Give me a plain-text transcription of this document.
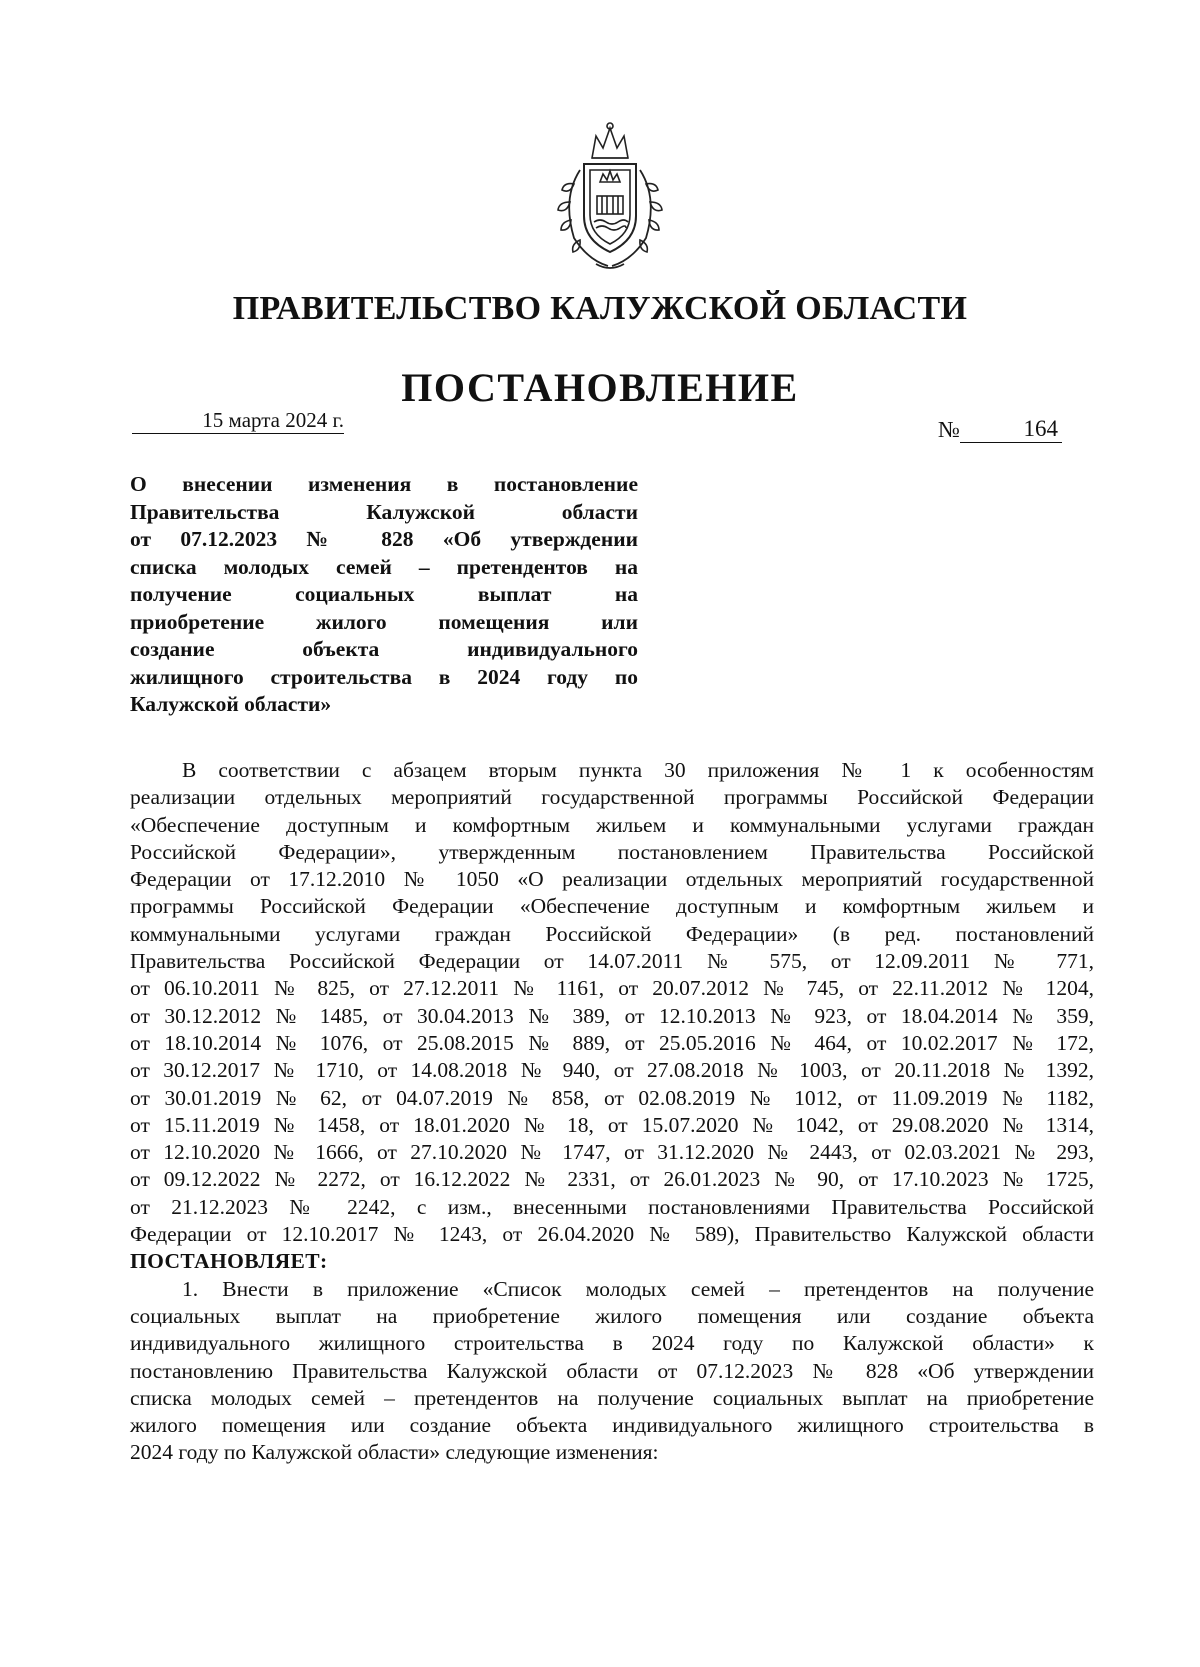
ПРАВИТЕЛЬСТВО КАЛУЖСКОЙ ОБЛАСТИ
ПОСТАНОВЛЕНИЕ
15 марта 2024 г.	№	164
О внесении изменения в постановление
Правительства Калужской области
от 07.12.2023 № 828 «Об утверждении
списка молодых семей – претендентов на
получение социальных выплат на
приобретение жилого помещения или
создание объекта индивидуального
жилищного строительства в 2024 году по
Калужской области»
В соответствии с абзацем вторым пункта 30 приложения № 1 к особенностям
реализации отдельных мероприятий государственной программы Российской Федерации
«Обеспечение доступным и комфортным жильем и коммунальными услугами граждан
Российской Федерации», утвержденным постановлением Правительства Российской
Федерации от 17.12.2010 № 1050 «О реализации отдельных мероприятий государственной
программы Российской Федерации «Обеспечение доступным и комфортным жильем и
коммунальными услугами граждан Российской Федерации» (в ред. постановлений
Правительства Российской Федерации от 14.07.2011 № 575, от 12.09.2011 № 771,
от 06.10.2011 № 825, от 27.12.2011 № 1161, от 20.07.2012 № 745, от 22.11.2012 № 1204,
от 30.12.2012 № 1485, от 30.04.2013 № 389, от 12.10.2013 № 923, от 18.04.2014 № 359,
от 18.10.2014 № 1076, от 25.08.2015 № 889, от 25.05.2016 № 464, от 10.02.2017 № 172,
от 30.12.2017 № 1710, от 14.08.2018 № 940, от 27.08.2018 № 1003, от 20.11.2018 № 1392,
от 30.01.2019 № 62, от 04.07.2019 № 858, от 02.08.2019 № 1012, от 11.09.2019 № 1182,
от 15.11.2019 № 1458, от 18.01.2020 № 18, от 15.07.2020 № 1042, от 29.08.2020 № 1314,
от 12.10.2020 № 1666, от 27.10.2020 № 1747, от 31.12.2020 № 2443, от 02.03.2021 № 293,
от 09.12.2022 № 2272, от 16.12.2022 № 2331, от 26.01.2023 № 90, от 17.10.2023 № 1725,
от 21.12.2023 № 2242, с изм., внесенными постановлениями Правительства Российской
Федерации от 12.10.2017 № 1243, от 26.04.2020 № 589), Правительство Калужской области
ПОСТАНОВЛЯЕТ:
1. Внести в приложение «Список молодых семей – претендентов на получение
социальных выплат на приобретение жилого помещения или создание объекта
индивидуального жилищного строительства в 2024 году по Калужской области» к
постановлению Правительства Калужской области от 07.12.2023 № 828 «Об утверждении
списка молодых семей – претендентов на получение социальных выплат на приобретение
жилого помещения или создание объекта индивидуального жилищного строительства в
2024 году по Калужской области» следующие изменения:
